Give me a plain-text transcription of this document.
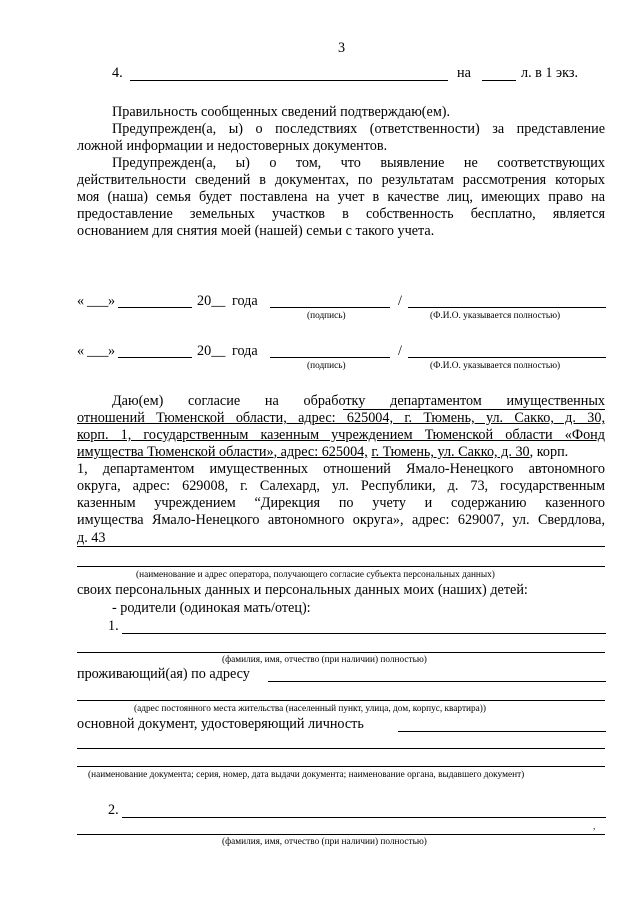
3
4.	на	л. в 1 экз.
Правильность сообщенных сведений подтверждаю(ем).
Предупрежден(а, ы) о последствиях (ответственности) за представление
ложной информации и недостоверных документов.
Предупрежден(а, ы) о том, что выявление не соответствующих
действительности сведений в документах, по результатам рассмотрения которых
моя (наша) семья будет поставлена на учет в качестве лиц, имеющих право на
предоставление земельных участков в собственность бесплатно, является
основанием для снятия моей (нашей) семьи с такого учета.
« ___ »	20__ года	/
(подпись)	(Ф.И.О. указывается полностью)
« ___ »	20__ года	/
(подпись)	(Ф.И.О. указывается полностью)
Даю(ем) согласие на обработку департаментом имущественных
отношений Тюменской области, адрес: 625004, г. Тюмень, ул. Сакко, д. 30,
корп. 1, государственным казенным учреждением Тюменской области «Фонд
имущества Тюменской области», адрес: 625004, г. Тюмень, ул. Сакко, д. 30, корп.
1, департаментом имущественных отношений Ямало-Ненецкого автономного
округа, адрес: 629008, г. Салехард, ул. Республики, д. 73, государственным
казенным учреждением “Дирекция по учету и содержанию казенного
имущества Ямало-Ненецкого автономного округа», адрес: 629007, ул. Свердлова,
д. 43
(наименование и адрес оператора, получающего согласие субъекта персональных данных)
своих персональных данных и персональных данных моих (наших) детей:
- родители (одинокая мать/отец):
1.
(фамилия, имя, отчество (при наличии) полностью)
проживающий(ая) по адресу
(адрес постоянного места жительства (населенный пункт, улица, дом, корпус, квартира))
основной документ, удостоверяющий личность
(наименование документа; серия, номер, дата выдачи документа; наименование органа, выдавшего документ)
2.
,
(фамилия, имя, отчество (при наличии) полностью)
